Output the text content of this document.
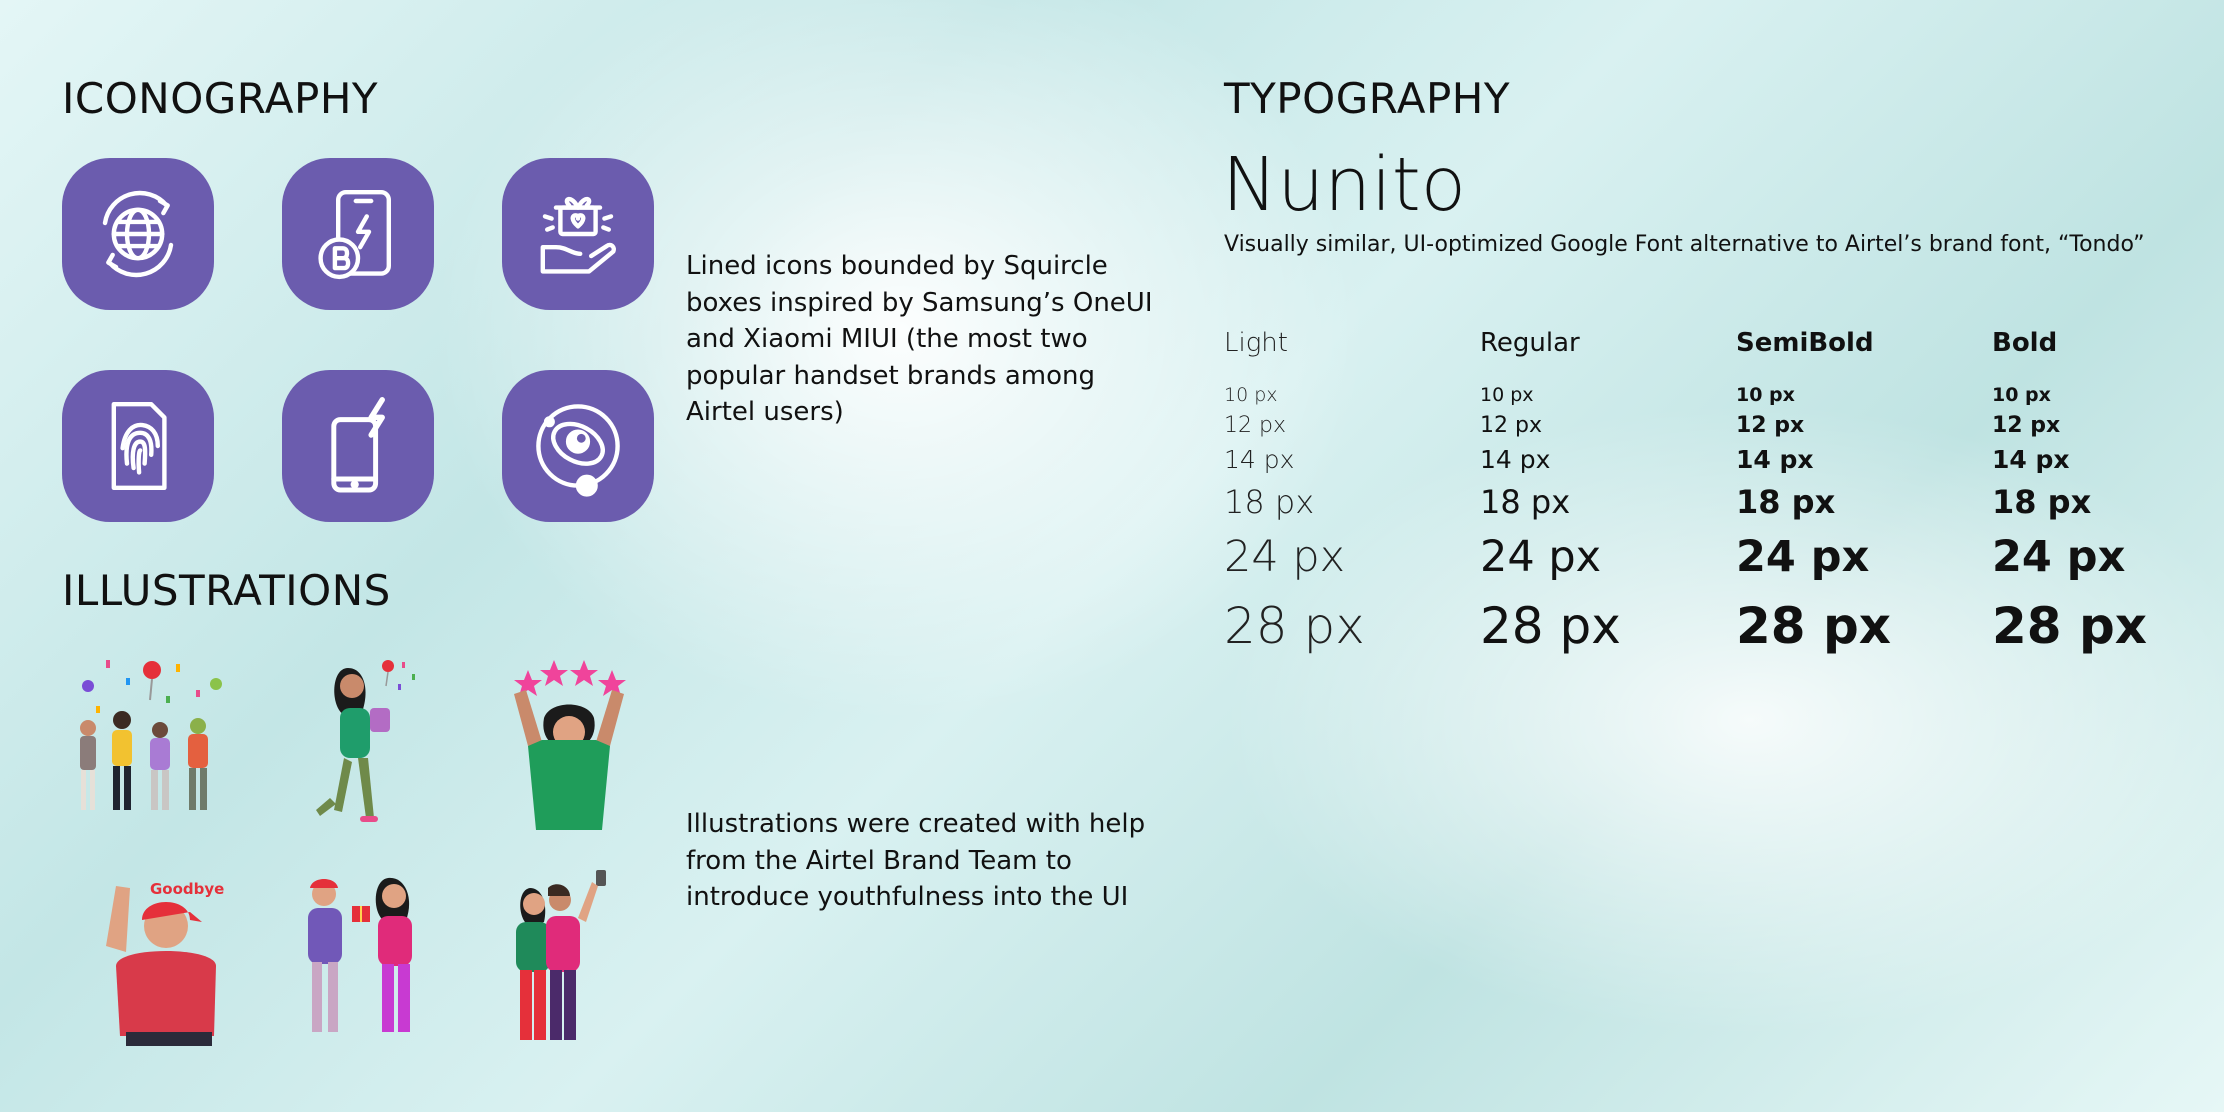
ICONOGRAPHY

Lined icons bounded by Squircle boxes inspired by Samsung’s OneUI and Xiaomi MIUI (the most two popular handset brands among Airtel users)

ILLUSTRATIONS
Goodbye

Illustrations were created with help from the Airtel Brand Team to introduce youthfulness into the UI

TYPOGRAPHY
Nunito
Visually similar, UI-optimized Google Font alternative to Airtel’s brand font, “Tondo”
Light
10 px
12 px
14 px
18 px
24 px
28 px
Regular
10 px
12 px
14 px
18 px
24 px
28 px
SemiBold
10 px
12 px
14 px
18 px
24 px
28 px
Bold
10 px
12 px
14 px
18 px
24 px
28 px
